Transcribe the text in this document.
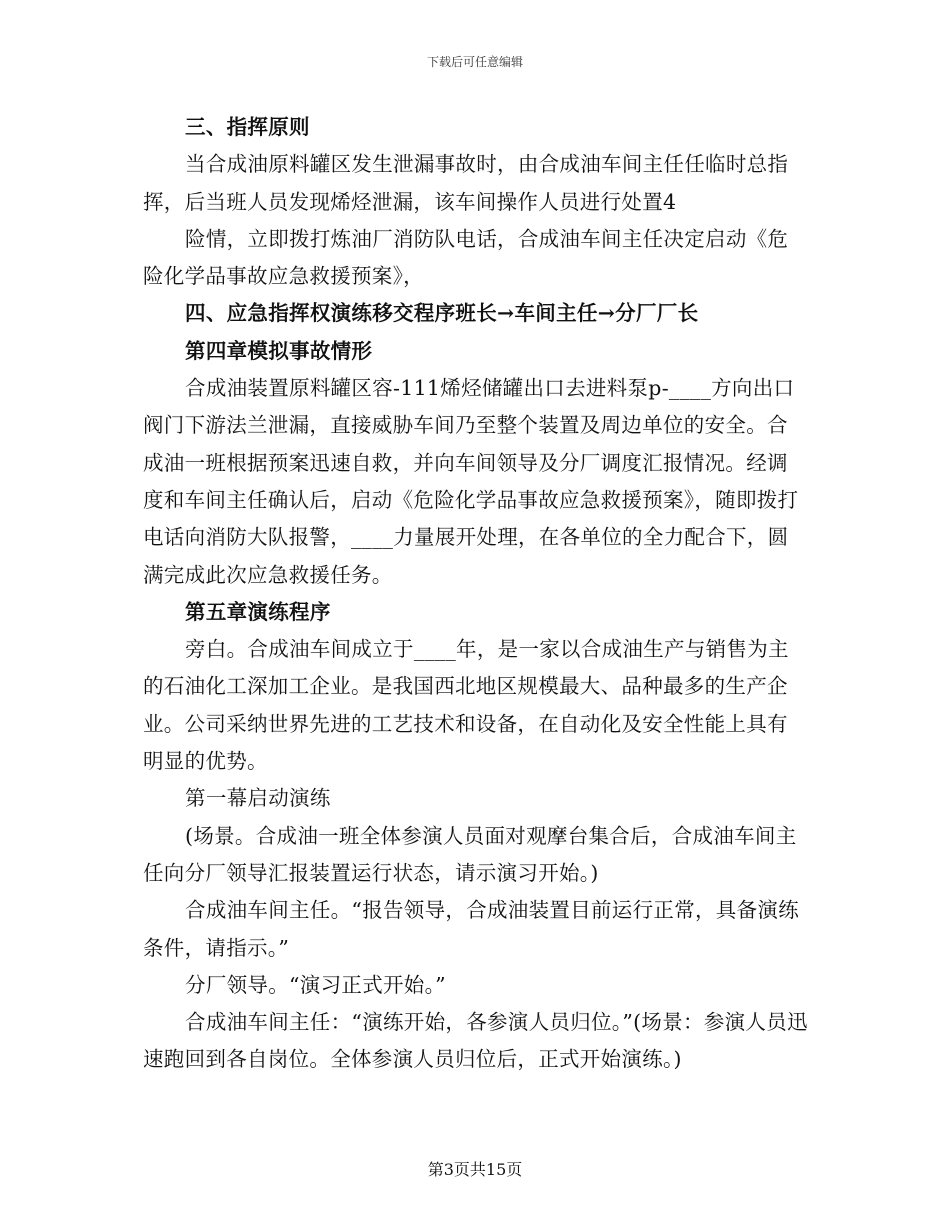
下载后可任意编辑

三、指挥原则

当合成油原料罐区发生泄漏事故时，由合成油车间主任任临时总指挥，后当班人员发现烯烃泄漏，该车间操作人员进行处置4

险情，立即拨打炼油厂消防队电话，合成油车间主任决定启动《危险化学品事故应急救援预案》，

四、应急指挥权演练移交程序班长→车间主任→分厂厂长

第四章模拟事故情形

合成油装置原料罐区容-111烯烃储罐出口去进料泵p-____方向出口阀门下游法兰泄漏，直接威胁车间乃至整个装置及周边单位的安全。合成油一班根据预案迅速自救，并向车间领导及分厂调度汇报情况。经调度和车间主任确认后，启动《危险化学品事故应急救援预案》，随即拨打电话向消防大队报警，____力量展开处理，在各单位的全力配合下，圆满完成此次应急救援任务。

第五章演练程序

旁白。合成油车间成立于____年，是一家以合成油生产与销售为主的石油化工深加工企业。是我国西北地区规模最大、品种最多的生产企业。公司采纳世界先进的工艺技术和设备，在自动化及安全性能上具有明显的优势。

第一幕启动演练

(场景。合成油一班全体参演人员面对观摩台集合后，合成油车间主任向分厂领导汇报装置运行状态，请示演习开始。)

合成油车间主任。“报告领导，合成油装置目前运行正常，具备演练条件，请指示。”

分厂领导。“演习正式开始。”

合成油车间主任：“演练开始，各参演人员归位。”(场景：参演人员迅速跑回到各自岗位。全体参演人员归位后，正式开始演练。)

第3页共15页
